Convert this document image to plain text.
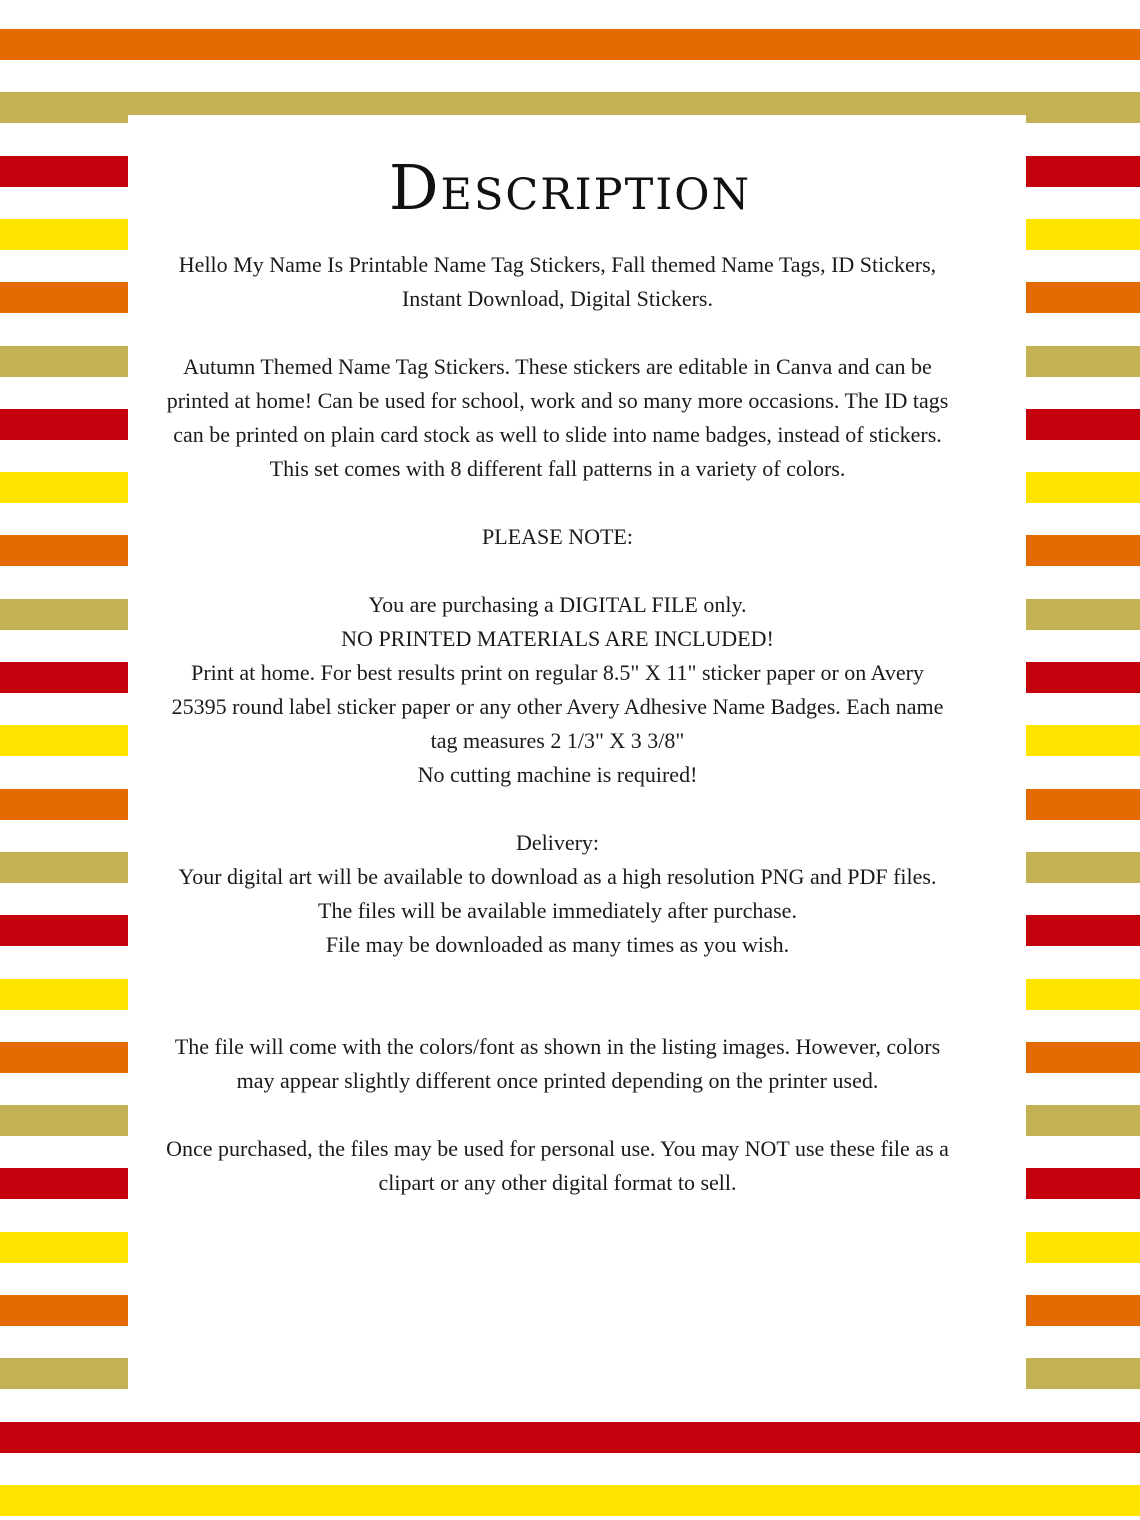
Description

Hello My Name Is Printable Name Tag Stickers, Fall themed Name Tags, ID Stickers, Instant Download, Digital Stickers.

Autumn Themed Name Tag Stickers. These stickers are editable in Canva and can be printed at home! Can be used for school, work and so many more occasions. The ID tags can be printed on plain card stock as well to slide into name badges, instead of stickers. This set comes with 8 different fall patterns in a variety of colors.

PLEASE NOTE:

You are purchasing a DIGITAL FILE only.
NO PRINTED MATERIALS ARE INCLUDED!
Print at home. For best results print on regular 8.5" X 11" sticker paper or on Avery 25395 round label sticker paper or any other Avery Adhesive Name Badges. Each name tag measures 2 1/3" X 3 3/8"
No cutting machine is required!

Delivery:
Your digital art will be available to download as a high resolution PNG and PDF files. The files will be available immediately after purchase.
File may be downloaded as many times as you wish.

The file will come with the colors/font as shown in the listing images. However, colors may appear slightly different once printed depending on the printer used.

Once purchased, the files may be used for personal use. You may NOT use these file as a clipart or any other digital format to sell.
